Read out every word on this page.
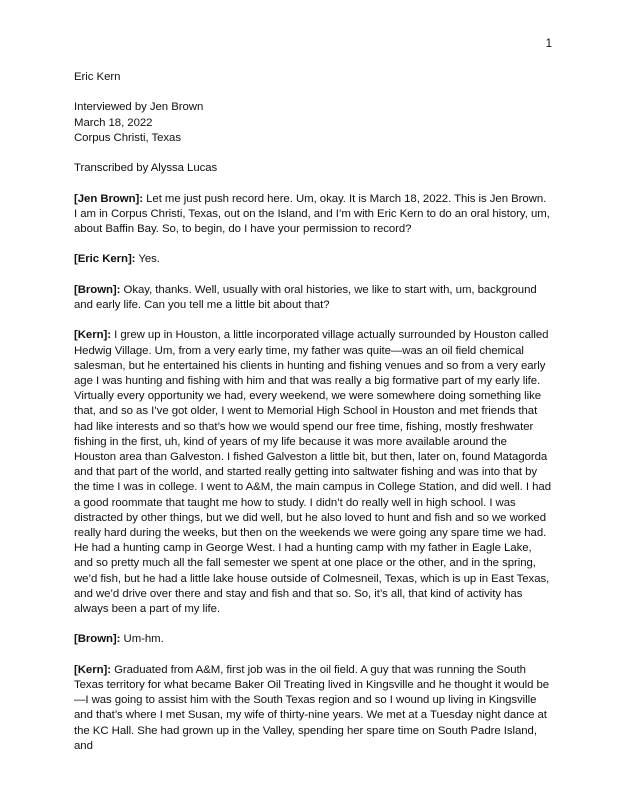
1

Eric Kern

Interviewed by Jen Brown

March 18, 2022

Corpus Christi, Texas

Transcribed by Alyssa Lucas

[Jen Brown]: Let me just push record here. Um, okay. It is March 18, 2022. This is Jen Brown. I am in Corpus Christi, Texas, out on the Island, and I’m with Eric Kern to do an oral history, um, about Baffin Bay. So, to begin, do I have your permission to record?

[Eric Kern]: Yes.

[Brown]: Okay, thanks. Well, usually with oral histories, we like to start with, um, background and early life. Can you tell me a little bit about that?

[Kern]: I grew up in Houston, a little incorporated village actually surrounded by Houston called Hedwig Village. Um, from a very early time, my father was quite—was an oil field chemical salesman, but he entertained his clients in hunting and fishing venues and so from a very early age I was hunting and fishing with him and that was really a big formative part of my early life. Virtually every opportunity we had, every weekend, we were somewhere doing something like that, and so as I’ve got older, I went to Memorial High School in Houston and met friends that had like interests and so that’s how we would spend our free time, fishing, mostly freshwater fishing in the first, uh, kind of years of my life because it was more available around the Houston area than Galveston. I fished Galveston a little bit, but then, later on, found Matagorda and that part of the world, and started really getting into saltwater fishing and was into that by the time I was in college. I went to A&M, the main campus in College Station, and did well. I had a good roommate that taught me how to study. I didn’t do really well in high school. I was distracted by other things, but we did well, but he also loved to hunt and fish and so we worked really hard during the weeks, but then on the weekends we were going any spare time we had. He had a hunting camp in George West. I had a hunting camp with my father in Eagle Lake, and so pretty much all the fall semester we spent at one place or the other, and in the spring, we’d fish, but he had a little lake house outside of Colmesneil, Texas, which is up in East Texas, and we’d drive over there and stay and fish and that so. So, it’s all, that kind of activity has always been a part of my life.

[Brown]: Um-hm.

[Kern]: Graduated from A&M, first job was in the oil field. A guy that was running the South Texas territory for what became Baker Oil Treating lived in Kingsville and he thought it would be—I was going to assist him with the South Texas region and so I wound up living in Kingsville and that’s where I met Susan, my wife of thirty-nine years. We met at a Tuesday night dance at the KC Hall. She had grown up in the Valley, spending her spare time on South Padre Island, and
